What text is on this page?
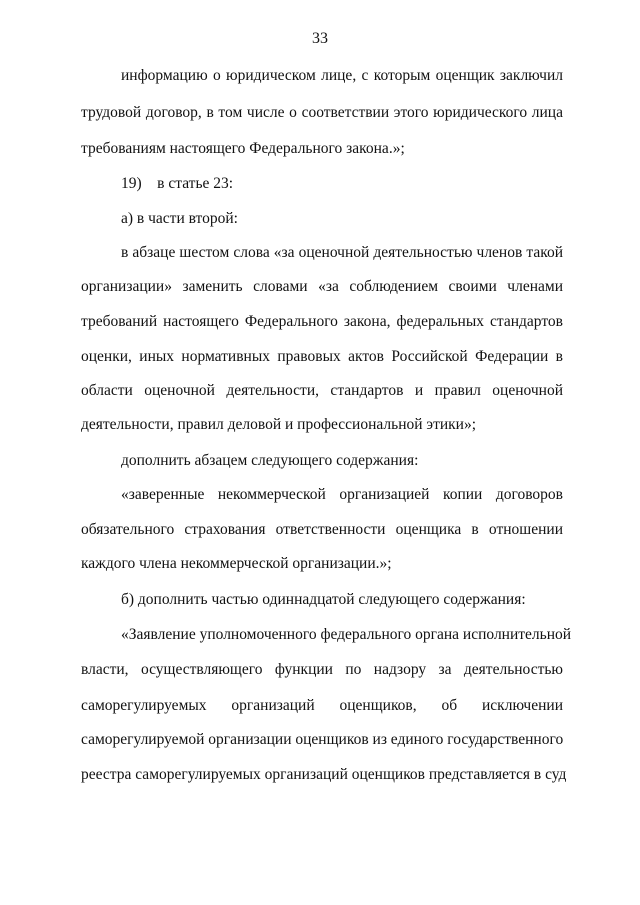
33
информацию о юридическом лице, с которым оценщик заключил
трудовой договор, в том числе о соответствии этого юридического лица
требованиям настоящего Федерального закона.»;
19)    в статье 23:
а) в части второй:
в абзаце шестом слова «за оценочной деятельностью членов такой
организации» заменить словами «за соблюдением своими членами
требований настоящего Федерального закона, федеральных стандартов
оценки, иных нормативных правовых актов Российской Федерации в
области оценочной деятельности, стандартов и правил оценочной
деятельности, правил деловой и профессиональной этики»;
дополнить абзацем следующего содержания:
«заверенные некоммерческой организацией копии договоров
обязательного страхования ответственности оценщика в отношении
каждого члена некоммерческой организации.»;
б) дополнить частью одиннадцатой следующего содержания:
«Заявление уполномоченного федерального органа исполнительной
власти, осуществляющего функции по надзору за деятельностью
саморегулируемых организаций оценщиков, об исключении
саморегулируемой организации оценщиков из единого государственного
реестра саморегулируемых организаций оценщиков представляется в суд
